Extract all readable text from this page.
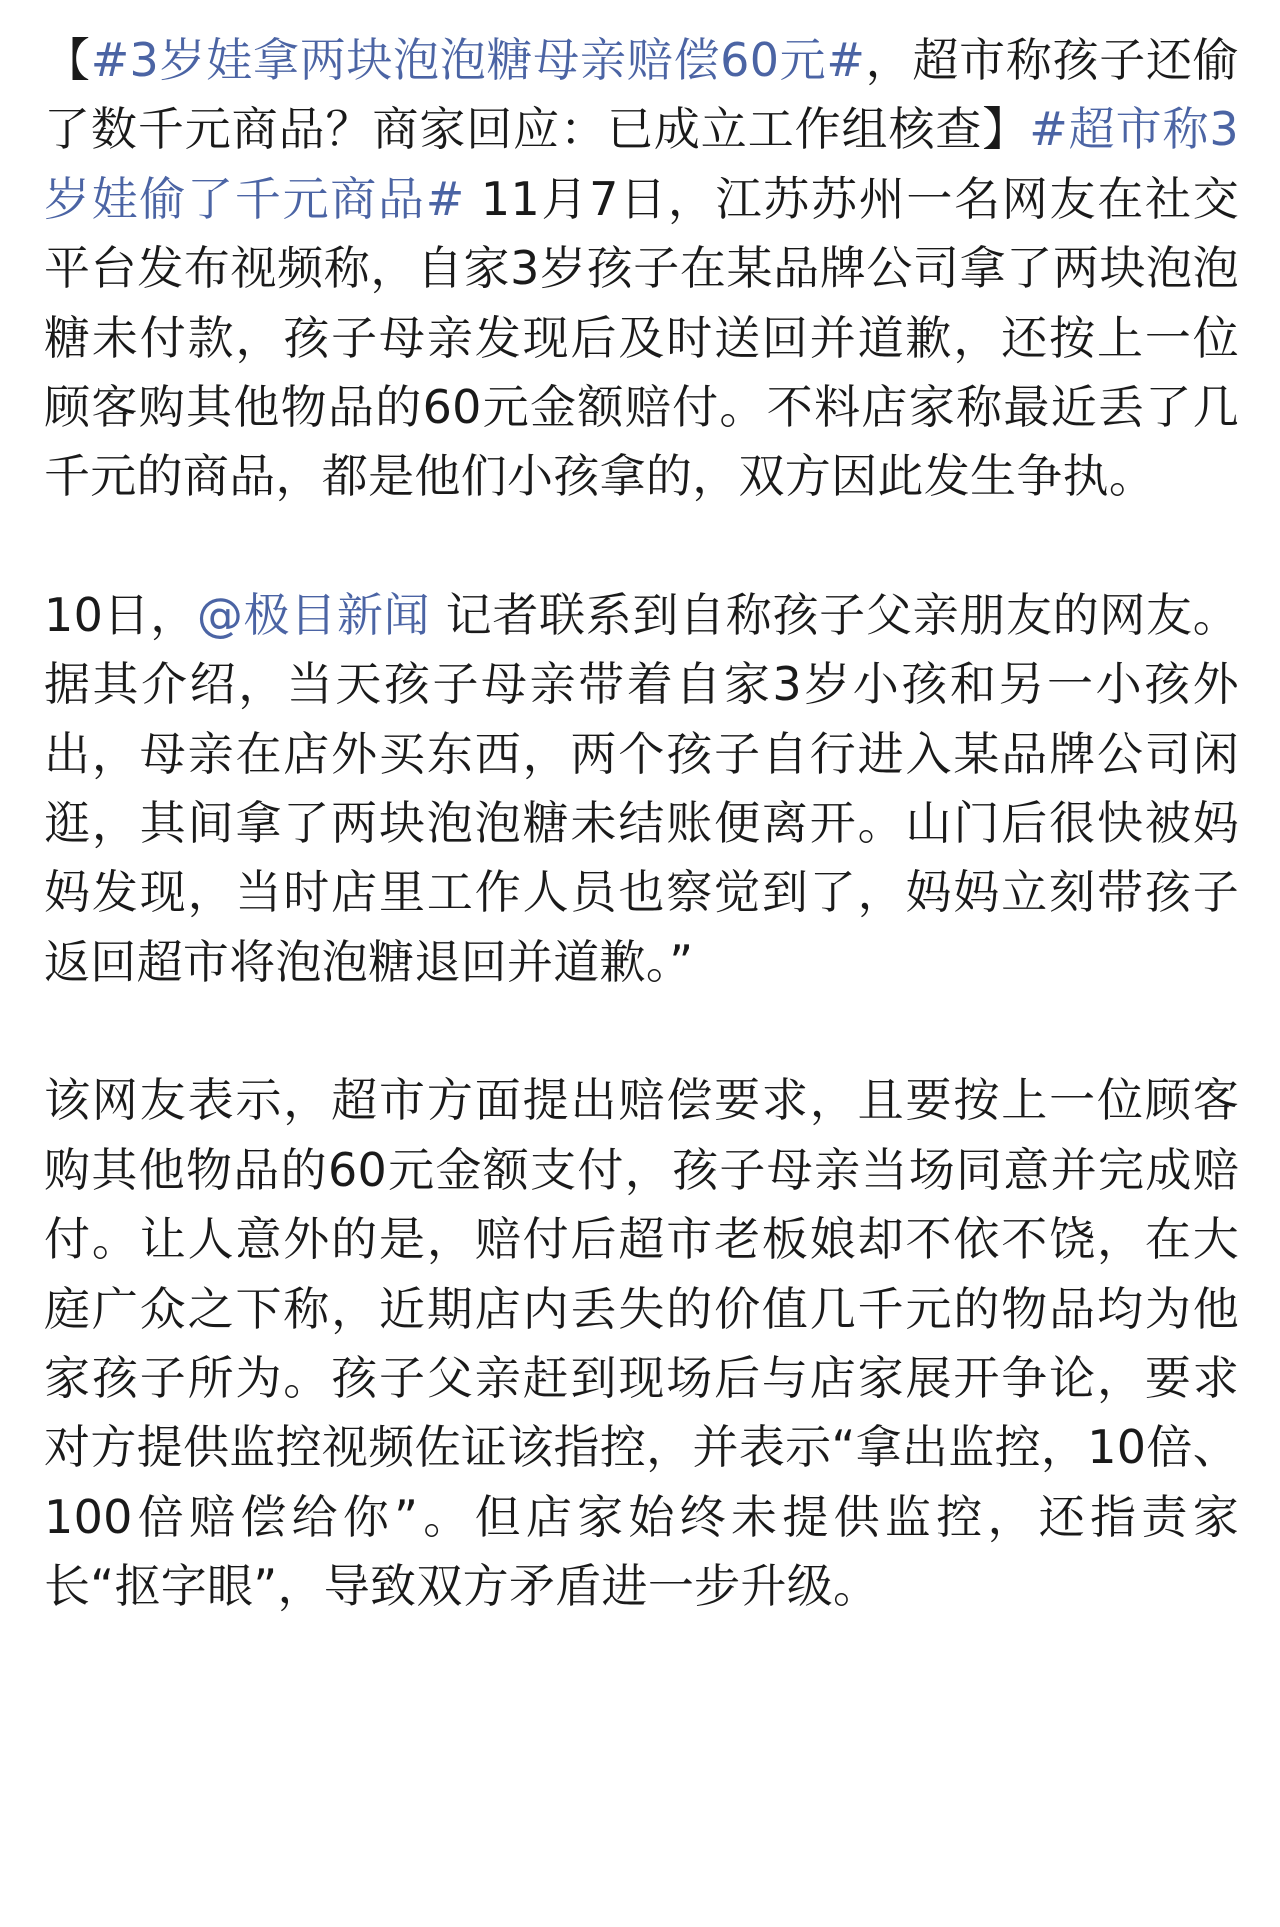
【#3岁娃拿两块泡泡糖母亲赔偿60元#，超市称孩子还偷了数千元商品？商家回应：已成立工作组核查】#超市称3岁娃偷了千元商品# 11月7日，江苏苏州一名网友在社交平台发布视频称，自家3岁孩子在某品牌公司拿了两块泡泡糖未付款，孩子母亲发现后及时送回并道歉，还按上一位顾客购其他物品的60元金额赔付。不料店家称最近丢了几千元的商品，都是他们小孩拿的，双方因此发生争执。

10日，@极目新闻 记者联系到自称孩子父亲朋友的网友。据其介绍，当天孩子母亲带着自家3岁小孩和另一小孩外出，母亲在店外买东西，两个孩子自行进入某品牌公司闲逛，其间拿了两块泡泡糖未结账便离开。山门后很快被妈妈发现，当时店里工作人员也察觉到了，妈妈立刻带孩子返回超市将泡泡糖退回并道歉。”

该网友表示，超市方面提出赔偿要求，且要按上一位顾客购其他物品的60元金额支付，孩子母亲当场同意并完成赔付。让人意外的是，赔付后超市老板娘却不依不饶，在大庭广众之下称，近期店内丢失的价值几千元的物品均为他家孩子所为。孩子父亲赶到现场后与店家展开争论，要求对方提供监控视频佐证该指控，并表示“拿出监控，10倍、100倍赔偿给你”。但店家始终未提供监控，还指责家长“抠字眼”，导致双方矛盾进一步升级。
